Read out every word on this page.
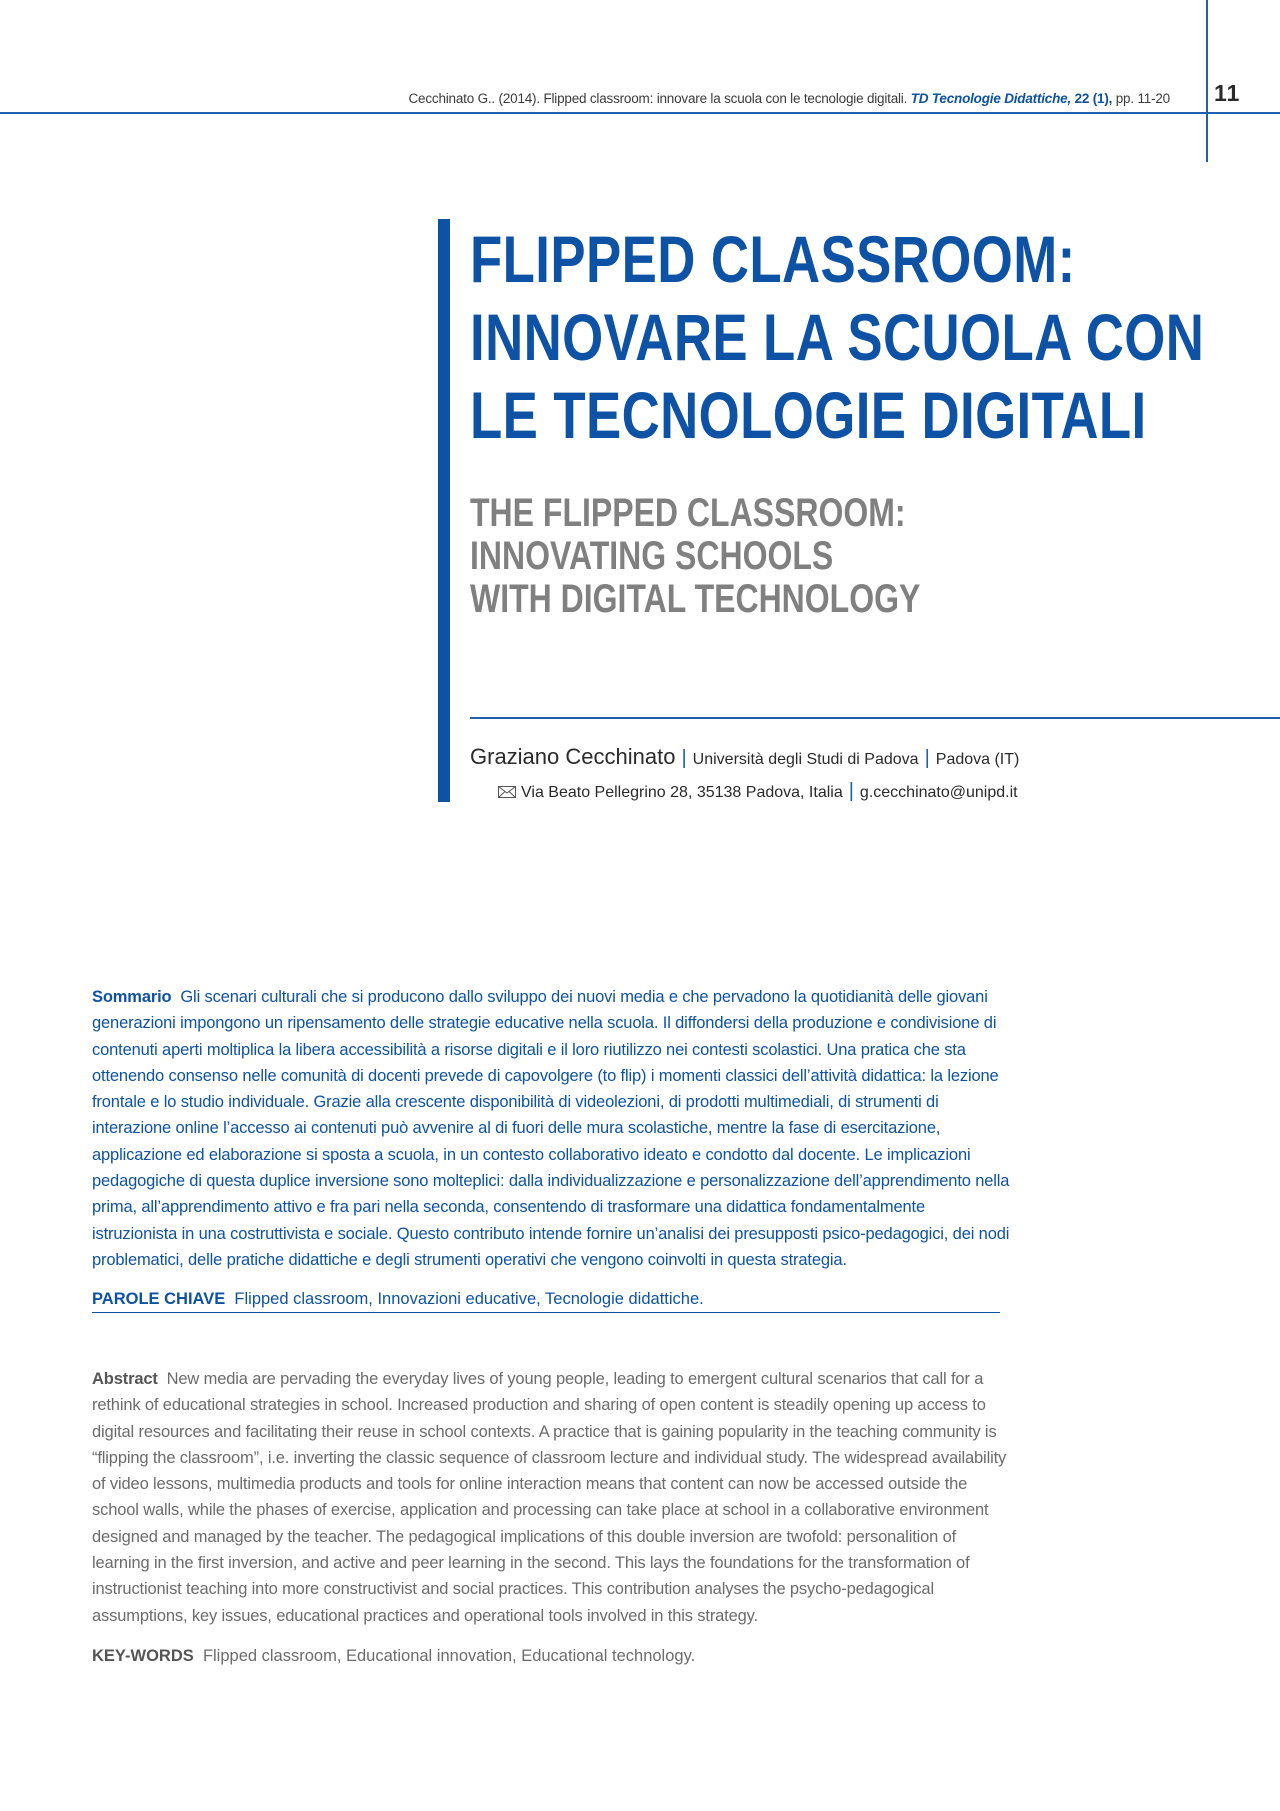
Cecchinato G.. (2014). Flipped classroom: innovare la scuola con le tecnologie digitali. TD Tecnologie Didattiche, 22 (1), pp. 11-20 11
FLIPPED CLASSROOM:
INNOVARE LA SCUOLA CON
LE TECNOLOGIE DIGITALI
THE FLIPPED CLASSROOM:
INNOVATING SCHOOLS
WITH DIGITAL TECHNOLOGY
Graziano Cecchinato | Università degli Studi di Padova | Padova (IT)
Via Beato Pellegrino 28, 35138 Padova, Italia | g.cecchinato@unipd.it

Sommario Gli scenari culturali che si producono dallo sviluppo dei nuovi media e che pervadono la quotidianità delle giovani generazioni impongono un ripensamento delle strategie educative nella scuola. Il diffondersi della produzione e condivisione di contenuti aperti moltiplica la libera accessibilità a risorse digitali e il loro riutilizzo nei contesti scolastici. Una pratica che sta ottenendo consenso nelle comunità di docenti prevede di capovolgere (to flip) i momenti classici dell’attività didattica: la lezione frontale e lo studio individuale. Grazie alla crescente disponibilità di videolezioni, di prodotti multimediali, di strumenti di interazione online l’accesso ai contenuti può avvenire al di fuori delle mura scolastiche, mentre la fase di esercitazione, applicazione ed elaborazione si sposta a scuola, in un contesto collaborativo ideato e condotto dal docente. Le implicazioni pedagogiche di questa duplice inversione sono molteplici: dalla individualizzazione e personalizzazione dell’apprendimento nella prima, all’apprendimento attivo e fra pari nella seconda, consentendo di trasformare una didattica fondamentalmente istruzionista in una costruttivista e sociale. Questo contributo intende fornire un’analisi dei presupposti psico-pedagogici, dei nodi problematici, delle pratiche didattiche e degli strumenti operativi che vengono coinvolti in questa strategia.

PAROLE CHIAVE Flipped classroom, Innovazioni educative, Tecnologie didattiche.

Abstract New media are pervading the everyday lives of young people, leading to emergent cultural scenarios that call for a rethink of educational strategies in school. Increased production and sharing of open content is steadily opening up access to digital resources and facilitating their reuse in school contexts. A practice that is gaining popularity in the teaching community is “flipping the classroom”, i.e. inverting the classic sequence of classroom lecture and individual study. The widespread availability of video lessons, multimedia products and tools for online interaction means that content can now be accessed outside the school walls, while the phases of exercise, application and processing can take place at school in a collaborative environment designed and managed by the teacher. The pedagogical implications of this double inversion are twofold: personalition of learning in the first inversion, and active and peer learning in the second. This lays the foundations for the transformation of instructionist teaching into more constructivist and social practices. This contribution analyses the psycho-pedagogical assumptions, key issues, educational practices and operational tools involved in this strategy.

KEY-WORDS Flipped classroom, Educational innovation, Educational technology.
